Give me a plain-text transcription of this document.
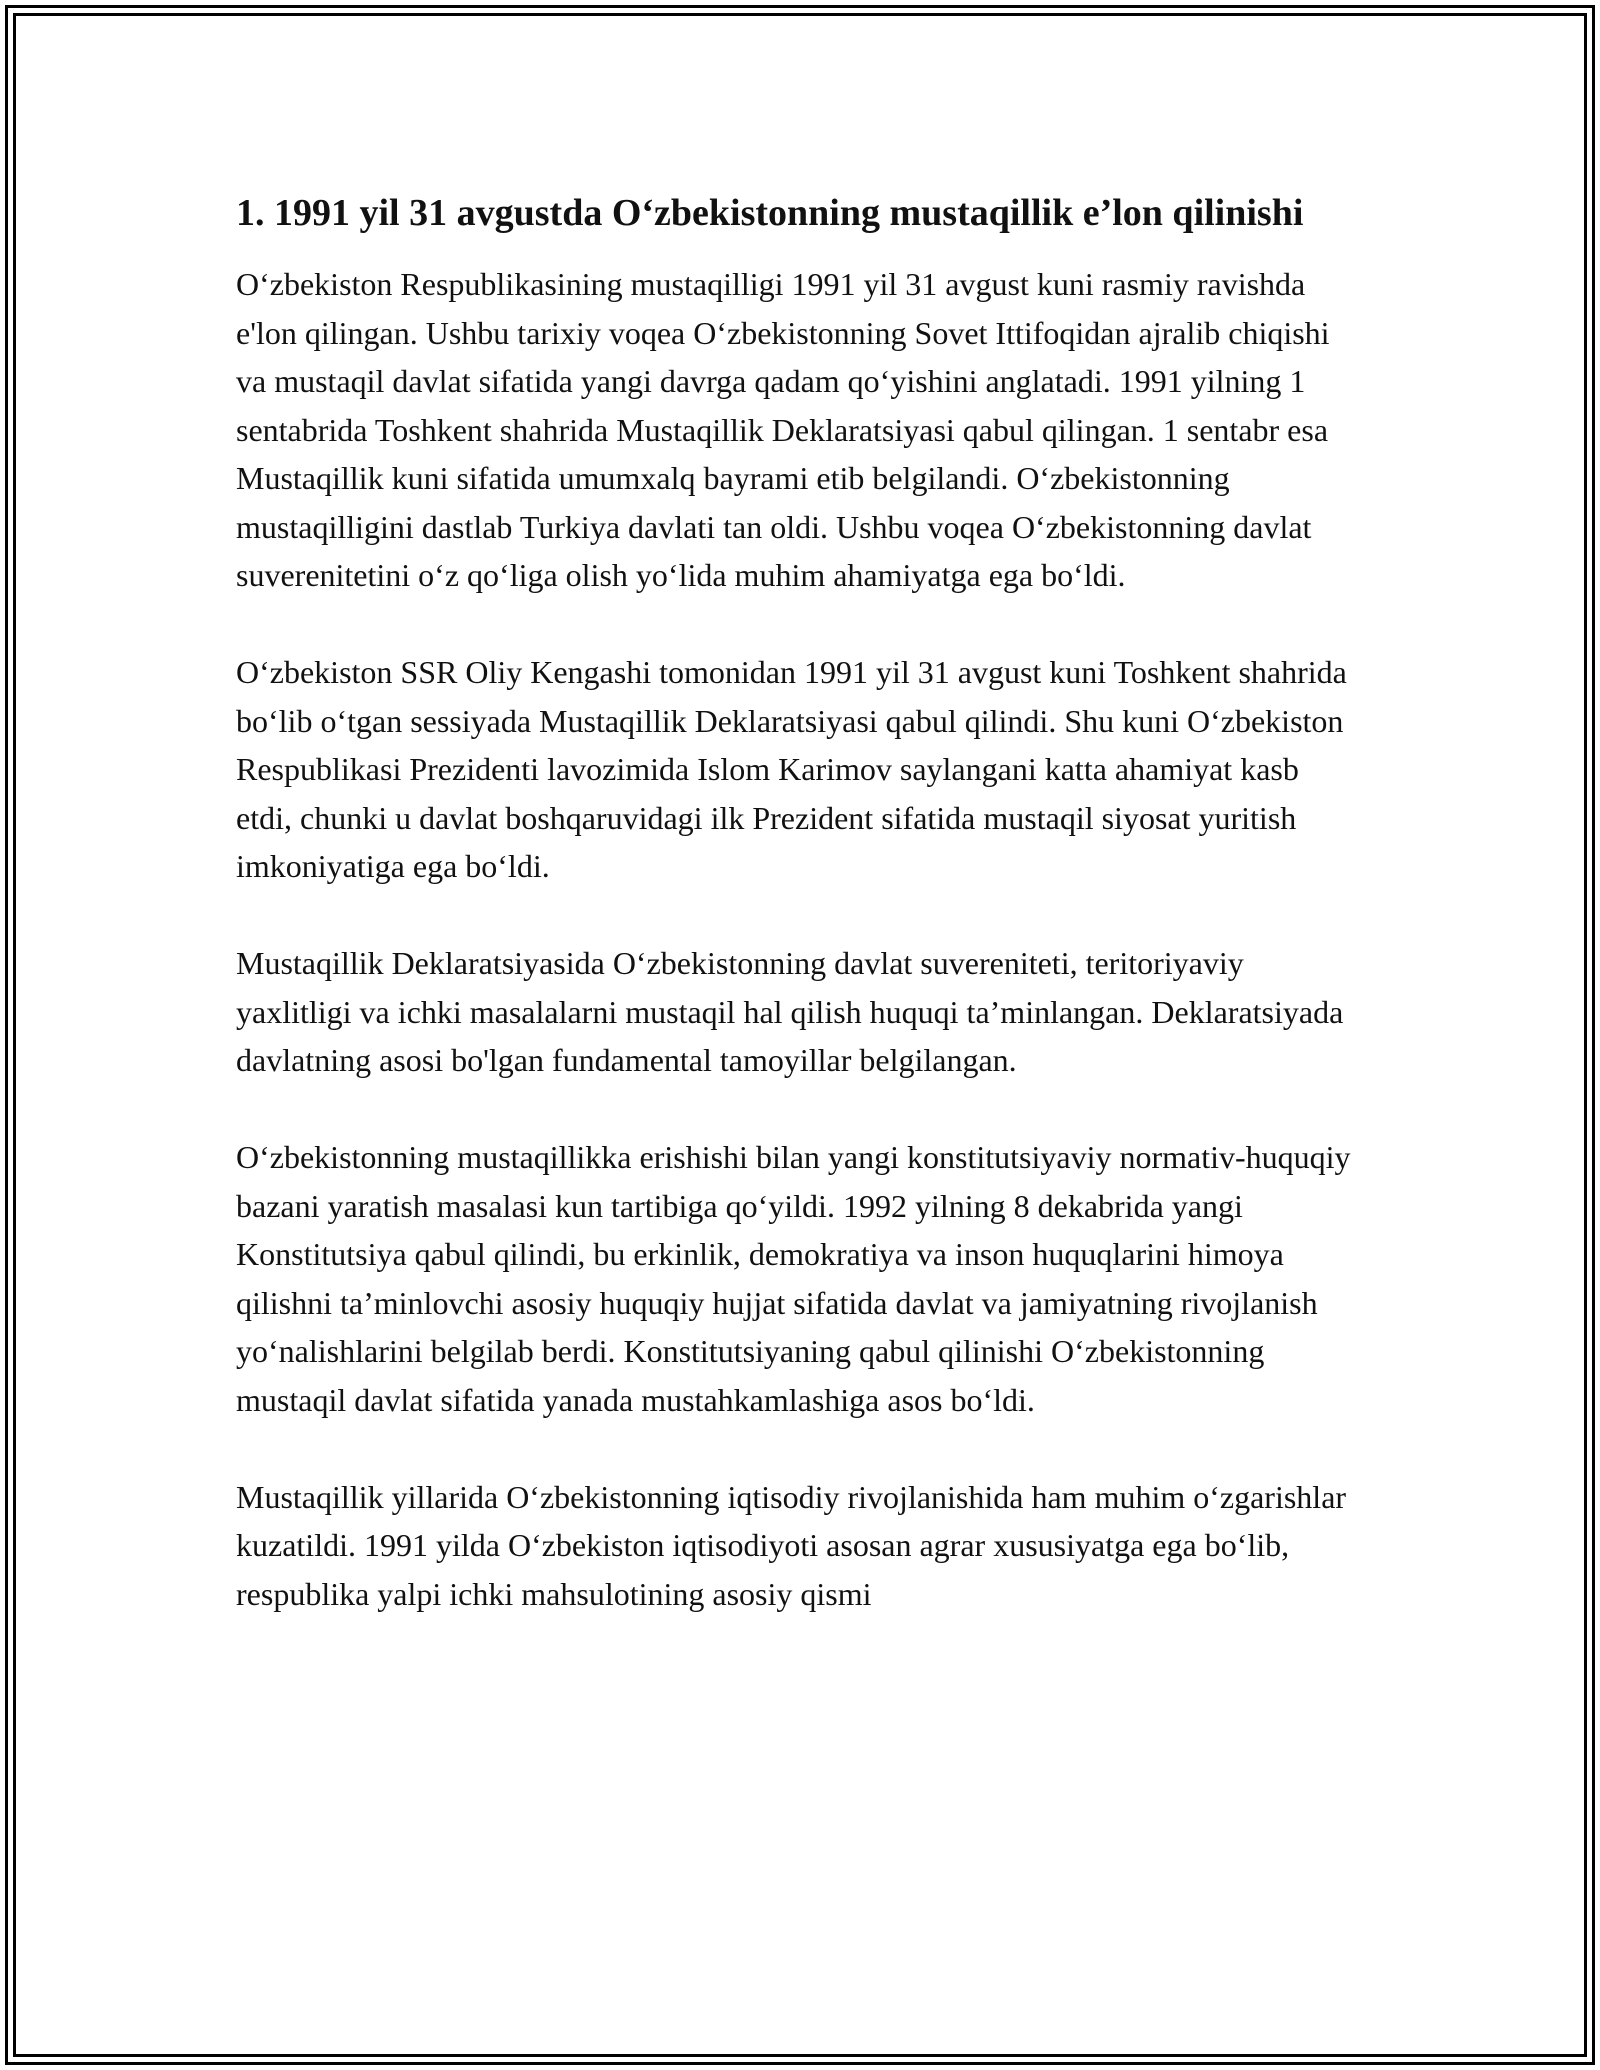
1. 1991 yil 31 avgustda O‘zbekistonning mustaqillik e’lon qilinishi

O‘zbekiston Respublikasining mustaqilligi 1991 yil 31 avgust kuni rasmiy ravishda e'lon qilingan. Ushbu tarixiy voqea O‘zbekistonning Sovet Ittifoqidan ajralib chiqishi va mustaqil davlat sifatida yangi davrga qadam qo‘yishini anglatadi. 1991 yilning 1 sentabrida Toshkent shahrida Mustaqillik Deklaratsiyasi qabul qilingan. 1 sentabr esa Mustaqillik kuni sifatida umumxalq bayrami etib belgilandi. O‘zbekistonning mustaqilligini dastlab Turkiya davlati tan oldi. Ushbu voqea O‘zbekistonning davlat suverenitetini o‘z qo‘liga olish yo‘lida muhim ahamiyatga ega bo‘ldi.

O‘zbekiston SSR Oliy Kengashi tomonidan 1991 yil 31 avgust kuni Toshkent shahrida bo‘lib o‘tgan sessiyada Mustaqillik Deklaratsiyasi qabul qilindi. Shu kuni O‘zbekiston Respublikasi Prezidenti lavozimida Islom Karimov saylangani katta ahamiyat kasb etdi, chunki u davlat boshqaruvidagi ilk Prezident sifatida mustaqil siyosat yuritish imkoniyatiga ega bo‘ldi.

Mustaqillik Deklaratsiyasida O‘zbekistonning davlat suvereniteti, teritoriyaviy yaxlitligi va ichki masalalarni mustaqil hal qilish huquqi ta’minlangan. Deklaratsiyada davlatning asosi bo'lgan fundamental tamoyillar belgilangan.

O‘zbekistonning mustaqillikka erishishi bilan yangi konstitutsiyaviy normativ-huquqiy bazani yaratish masalasi kun tartibiga qo‘yildi. 1992 yilning 8 dekabrida yangi Konstitutsiya qabul qilindi, bu erkinlik, demokratiya va inson huquqlarini himoya qilishni ta’minlovchi asosiy huquqiy hujjat sifatida davlat va jamiyatning rivojlanish yo‘nalishlarini belgilab berdi. Konstitutsiyaning qabul qilinishi O‘zbekistonning mustaqil davlat sifatida yanada mustahkamlashiga asos bo‘ldi.

Mustaqillik yillarida O‘zbekistonning iqtisodiy rivojlanishida ham muhim o‘zgarishlar kuzatildi. 1991 yilda O‘zbekiston iqtisodiyoti asosan agrar xususiyatga ega bo‘lib, respublika yalpi ichki mahsulotining asosiy qismi
